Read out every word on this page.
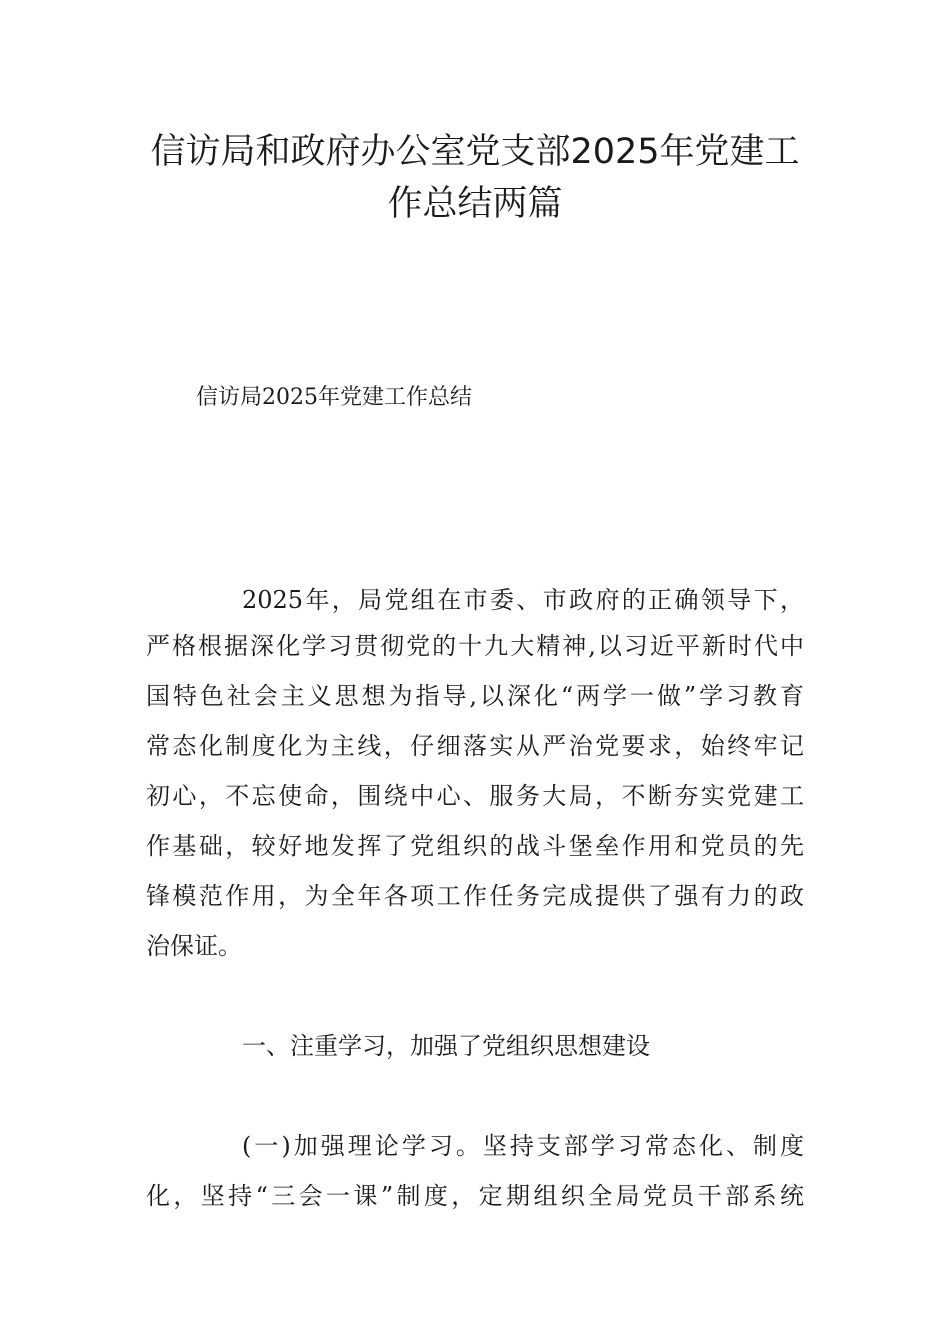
信访局和政府办公室党支部2025年党建工
作总结两篇
信访局2025年党建工作总结
2025年，局党组在市委、市政府的正确领导下，
严格根据深化学习贯彻党的十九大精神,以习近平新时代中
国特色社会主义思想为指导,以深化“两学一做”学习教育
常态化制度化为主线，仔细落实从严治党要求，始终牢记
初心，不忘使命，围绕中心、服务大局，不断夯实党建工
作基础，较好地发挥了党组织的战斗堡垒作用和党员的先
锋模范作用，为全年各项工作任务完成提供了强有力的政
治保证。
一、注重学习，加强了党组织思想建设
(一)加强理论学习。坚持支部学习常态化、制度
化，坚持“三会一课”制度，定期组织全局党员干部系统
